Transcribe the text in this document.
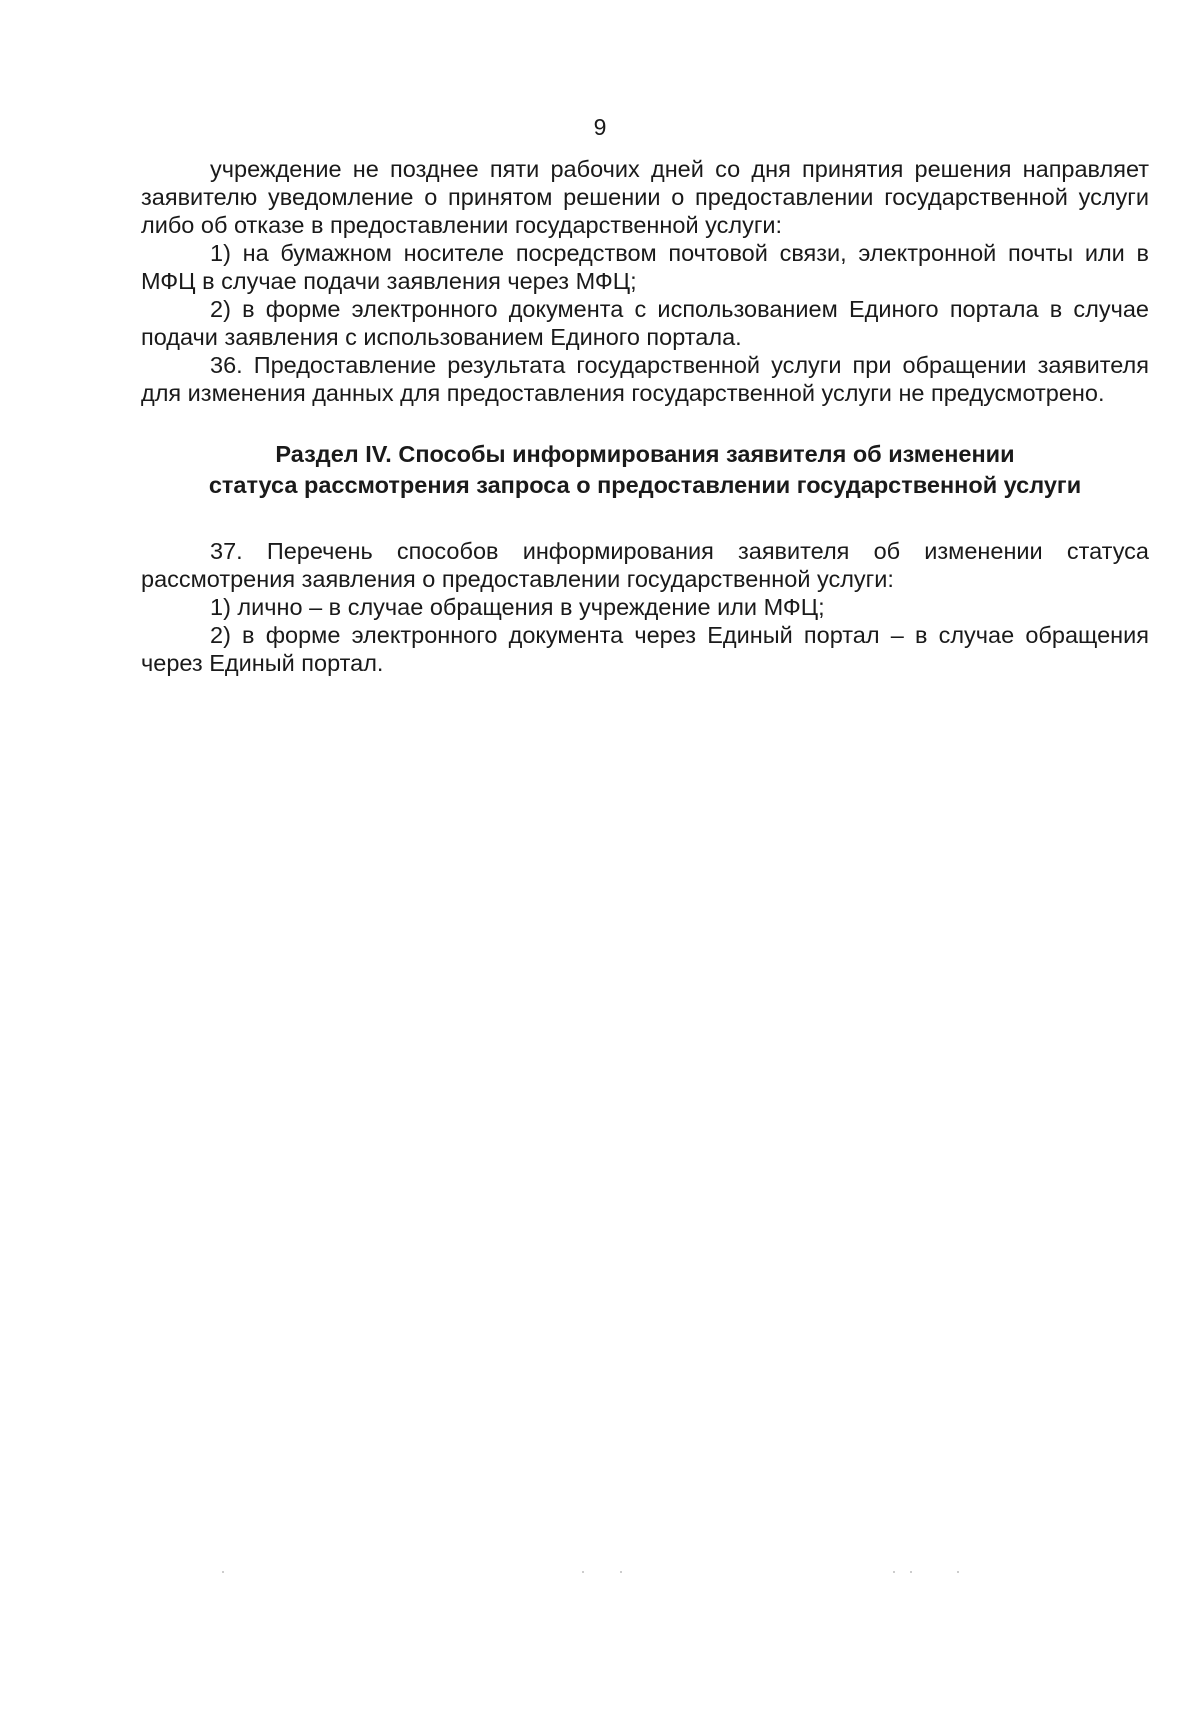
9

учреждение не позднее пяти рабочих дней со дня принятия решения направляет заявителю уведомление о принятом решении о предоставлении государственной услуги либо об отказе в предоставлении государственной услуги:

1) на бумажном носителе посредством почтовой связи, электронной почты или в МФЦ в случае подачи заявления через МФЦ;

2) в форме электронного документа с использованием Единого портала в случае подачи заявления с использованием Единого портала.

36. Предоставление результата государственной услуги при обращении заявителя для изменения данных для предоставления государственной услуги не предусмотрено.

Раздел IV. Способы информирования заявителя об изменении
статуса рассмотрения запроса о предоставлении государственной услуги

37. Перечень способов информирования заявителя об изменении статуса рассмотрения заявления о предоставлении государственной услуги:

1) лично – в случае обращения в учреждение или МФЦ;

2) в форме электронного документа через Единый портал – в случае обращения через Единый портал.
